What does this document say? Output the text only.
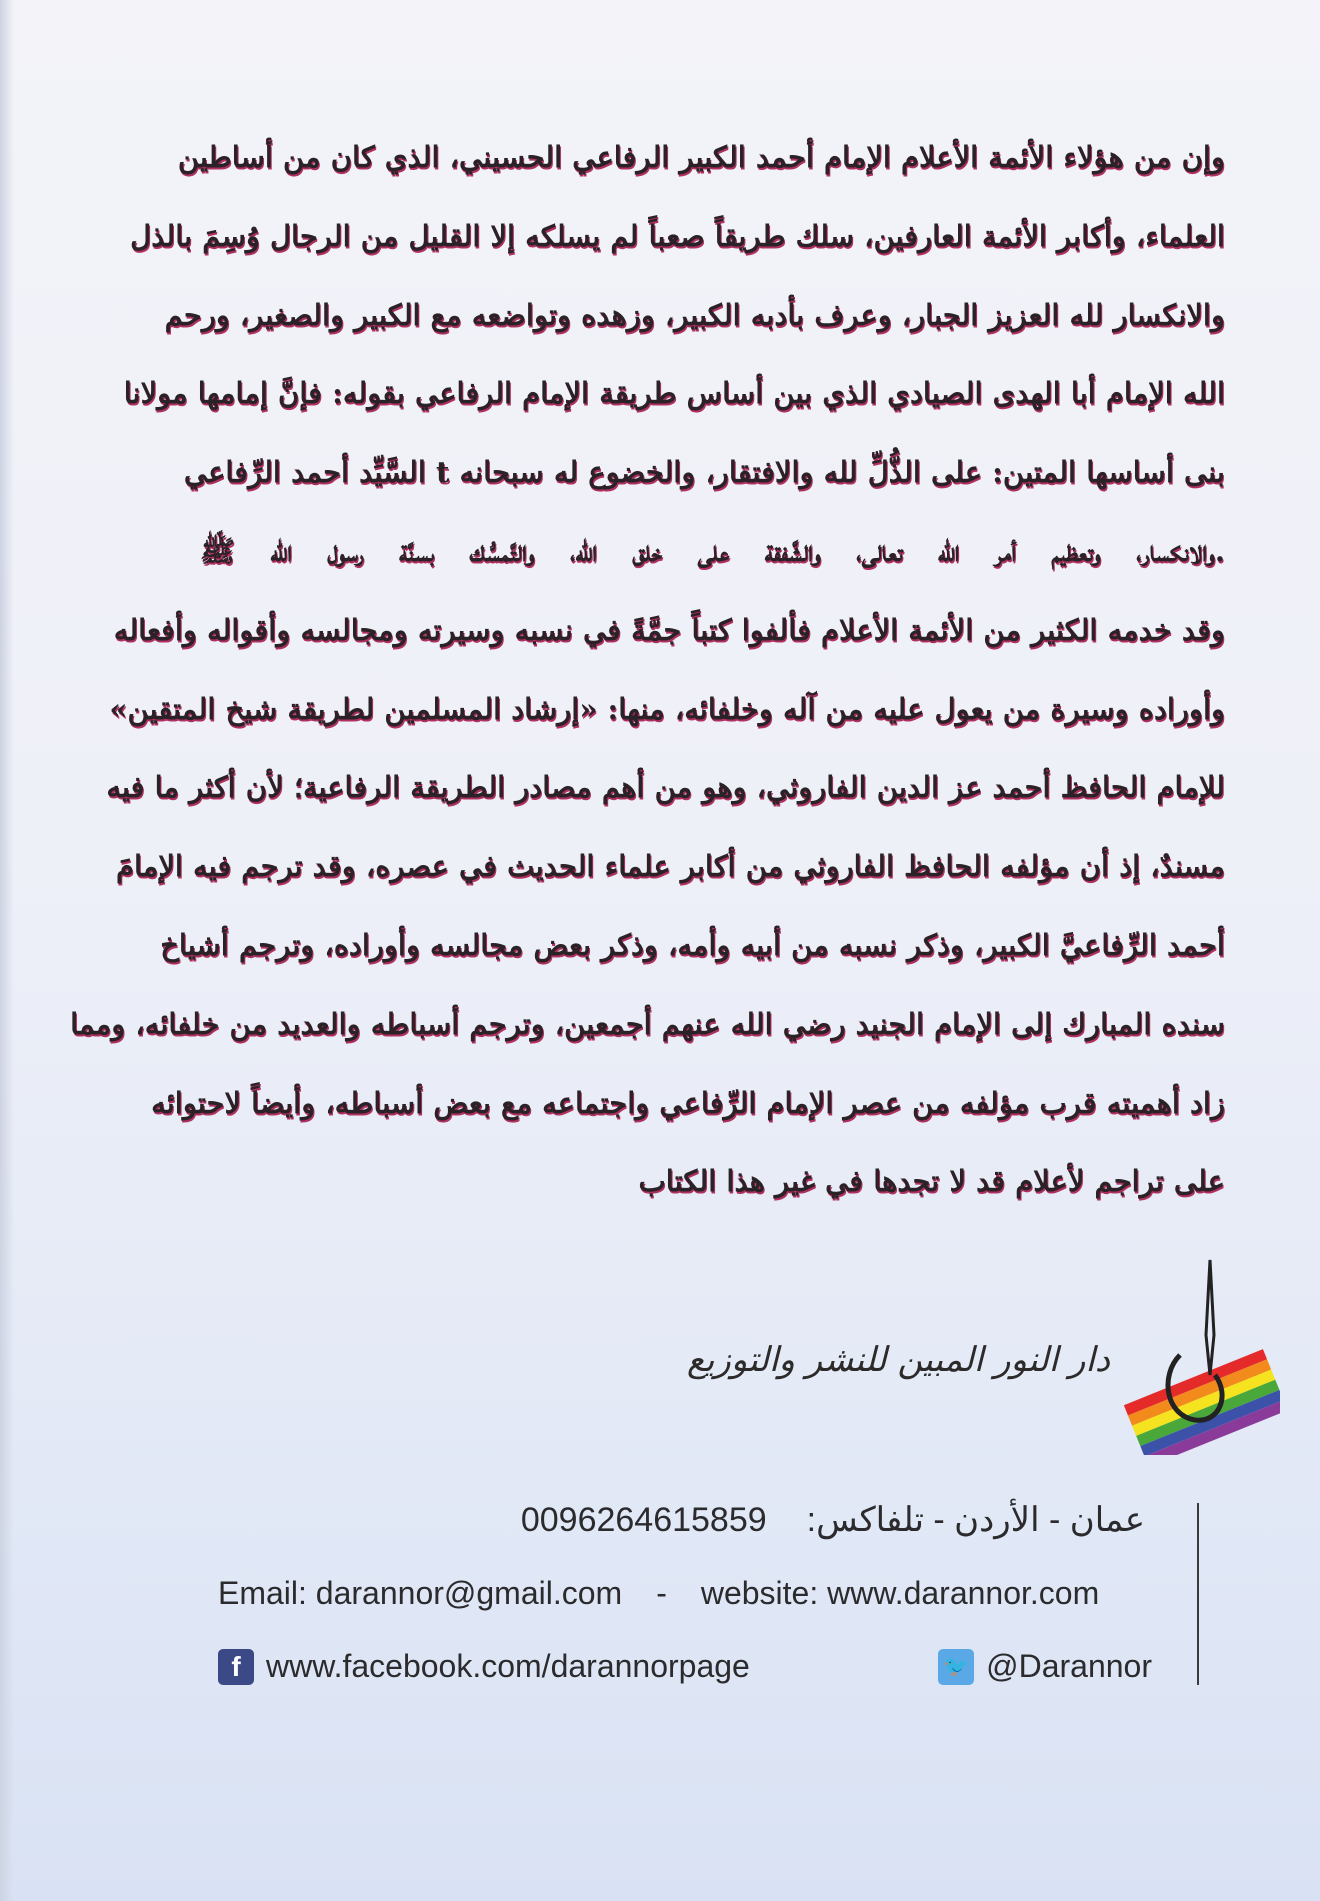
وإن من هؤلاء الأئمة الأعلام الإمام أحمد الكبير الرفاعي الحسيني، الذي كان من أساطين
العلماء، وأكابر الأئمة العارفين، سلك طريقاً صعباً لم يسلكه إلا القليل من الرجال وُسِمَ بالذل
والانكسار لله العزيز الجبار، وعرف بأدبه الكبير، وزهده وتواضعه مع الكبير والصغير، ورحم
الله الإمام أبا الهدى الصيادي الذي بين أساس طريقة الإمام الرفاعي بقوله: فإنَّ إمامها مولانا
بنى أساسها المتين: على الذُّلِّ لله والافتقار، والخضوع له سبحانه t السَّيِّد أحمد الرِّفاعي
.والانكسار، وتعظيم أمر الله تعالى، والشَّفقة على خلق الله، والتَّمسُّك بسنَّة رسول الله ﷺ
وقد خدمه الكثير من الأئمة الأعلام فألفوا كتباً جمَّةً في نسبه وسيرته ومجالسه وأقواله وأفعاله
وأوراده وسيرة من يعول عليه من آله وخلفائه، منها: «إرشاد المسلمين لطريقة شيخ المتقين»
للإمام الحافظ أحمد عز الدين الفاروثي، وهو من أهم مصادر الطريقة الرفاعية؛ لأن أكثر ما فيه
مسندٌ، إذ أن مؤلفه الحافظ الفاروثي من أكابر علماء الحديث في عصره، وقد ترجم فيه الإمامَ
أحمد الرِّفاعيَّ الكبير، وذكر نسبه من أبيه وأمه، وذكر بعض مجالسه وأوراده، وترجم أشياخ
سنده المبارك إلى الإمام الجنيد رضي الله عنهم أجمعين، وترجم أسباطه والعديد من خلفائه، ومما
زاد أهميته قرب مؤلفه من عصر الإمام الرِّفاعي واجتماعه مع بعض أسباطه، وأيضاً لاحتوائه
على تراجم لأعلام قد لا تجدها في غير هذا الكتاب
دار النور المبين للنشر والتوزيع
عمان - الأردن - تلفاكس:0096264615859
Email: darannor@gmail.com - website: www.darannor.com
f www.facebook.com/darannorpage	🐦 @Darannor
